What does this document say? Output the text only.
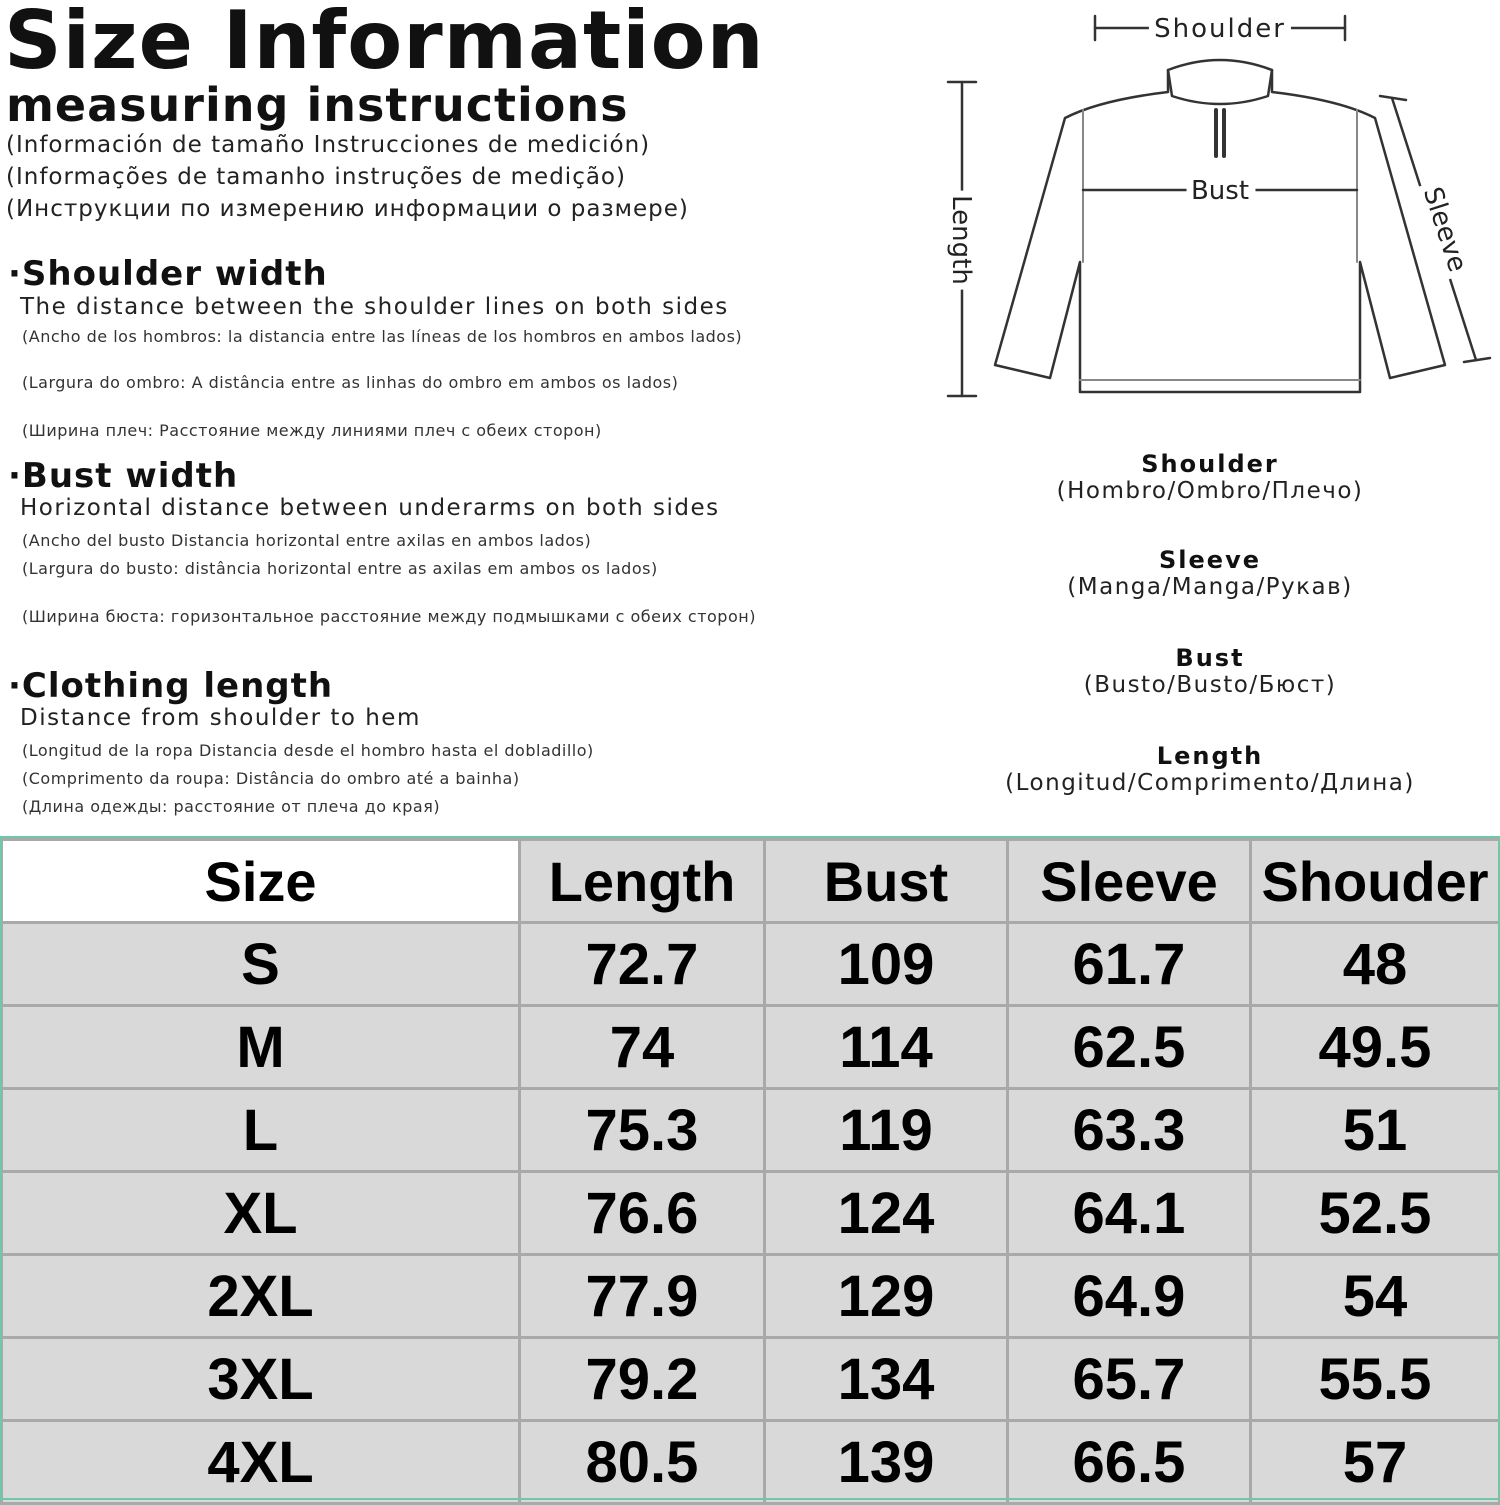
Size Information
measuring instructions
(Información de tamaño Instrucciones de medición)
(Informações de tamanho instruções de medição)
(Инструкции по измерению информации о размере)
·Shoulder width
The distance between the shoulder lines on both sides
(Ancho de los hombros: la distancia entre las líneas de los hombros en ambos lados)
(Largura do ombro: A distância entre as linhas do ombro em ambos os lados)
(Ширина плеч: Расстояние между линиями плеч с обеих сторон)
·Bust width
Horizontal distance between underarms on both sides
(Ancho del busto Distancia horizontal entre axilas en ambos lados)
(Largura do busto: distância horizontal entre as axilas em ambos os lados)
(Ширина бюста: горизонтальное расстояние между подмышками с обеих сторон)
·Clothing length
Distance from shoulder to hem
(Longitud de la ropa Distancia desde el hombro hasta el dobladillo)
(Comprimento da roupa: Distância do ombro até a bainha)
(Длина одежды: расстояние от плеча до края)
Shoulder
Bust
Length	Sleeve
Shoulder
(Hombro/Ombro/Плечо)
Sleeve
(Manga/Manga/Рукав)
Bust
(Busto/Busto/Бюст)
Length
(Longitud/Comprimento/Длина)
Size	Length	Bust	Sleeve	Shouder
S	72.7	109	61.7	48
M	74	114	62.5	49.5
L	75.3	119	63.3	51
XL	76.6	124	64.1	52.5
2XL	77.9	129	64.9	54
3XL	79.2	134	65.7	55.5
4XL	80.5	139	66.5	57
